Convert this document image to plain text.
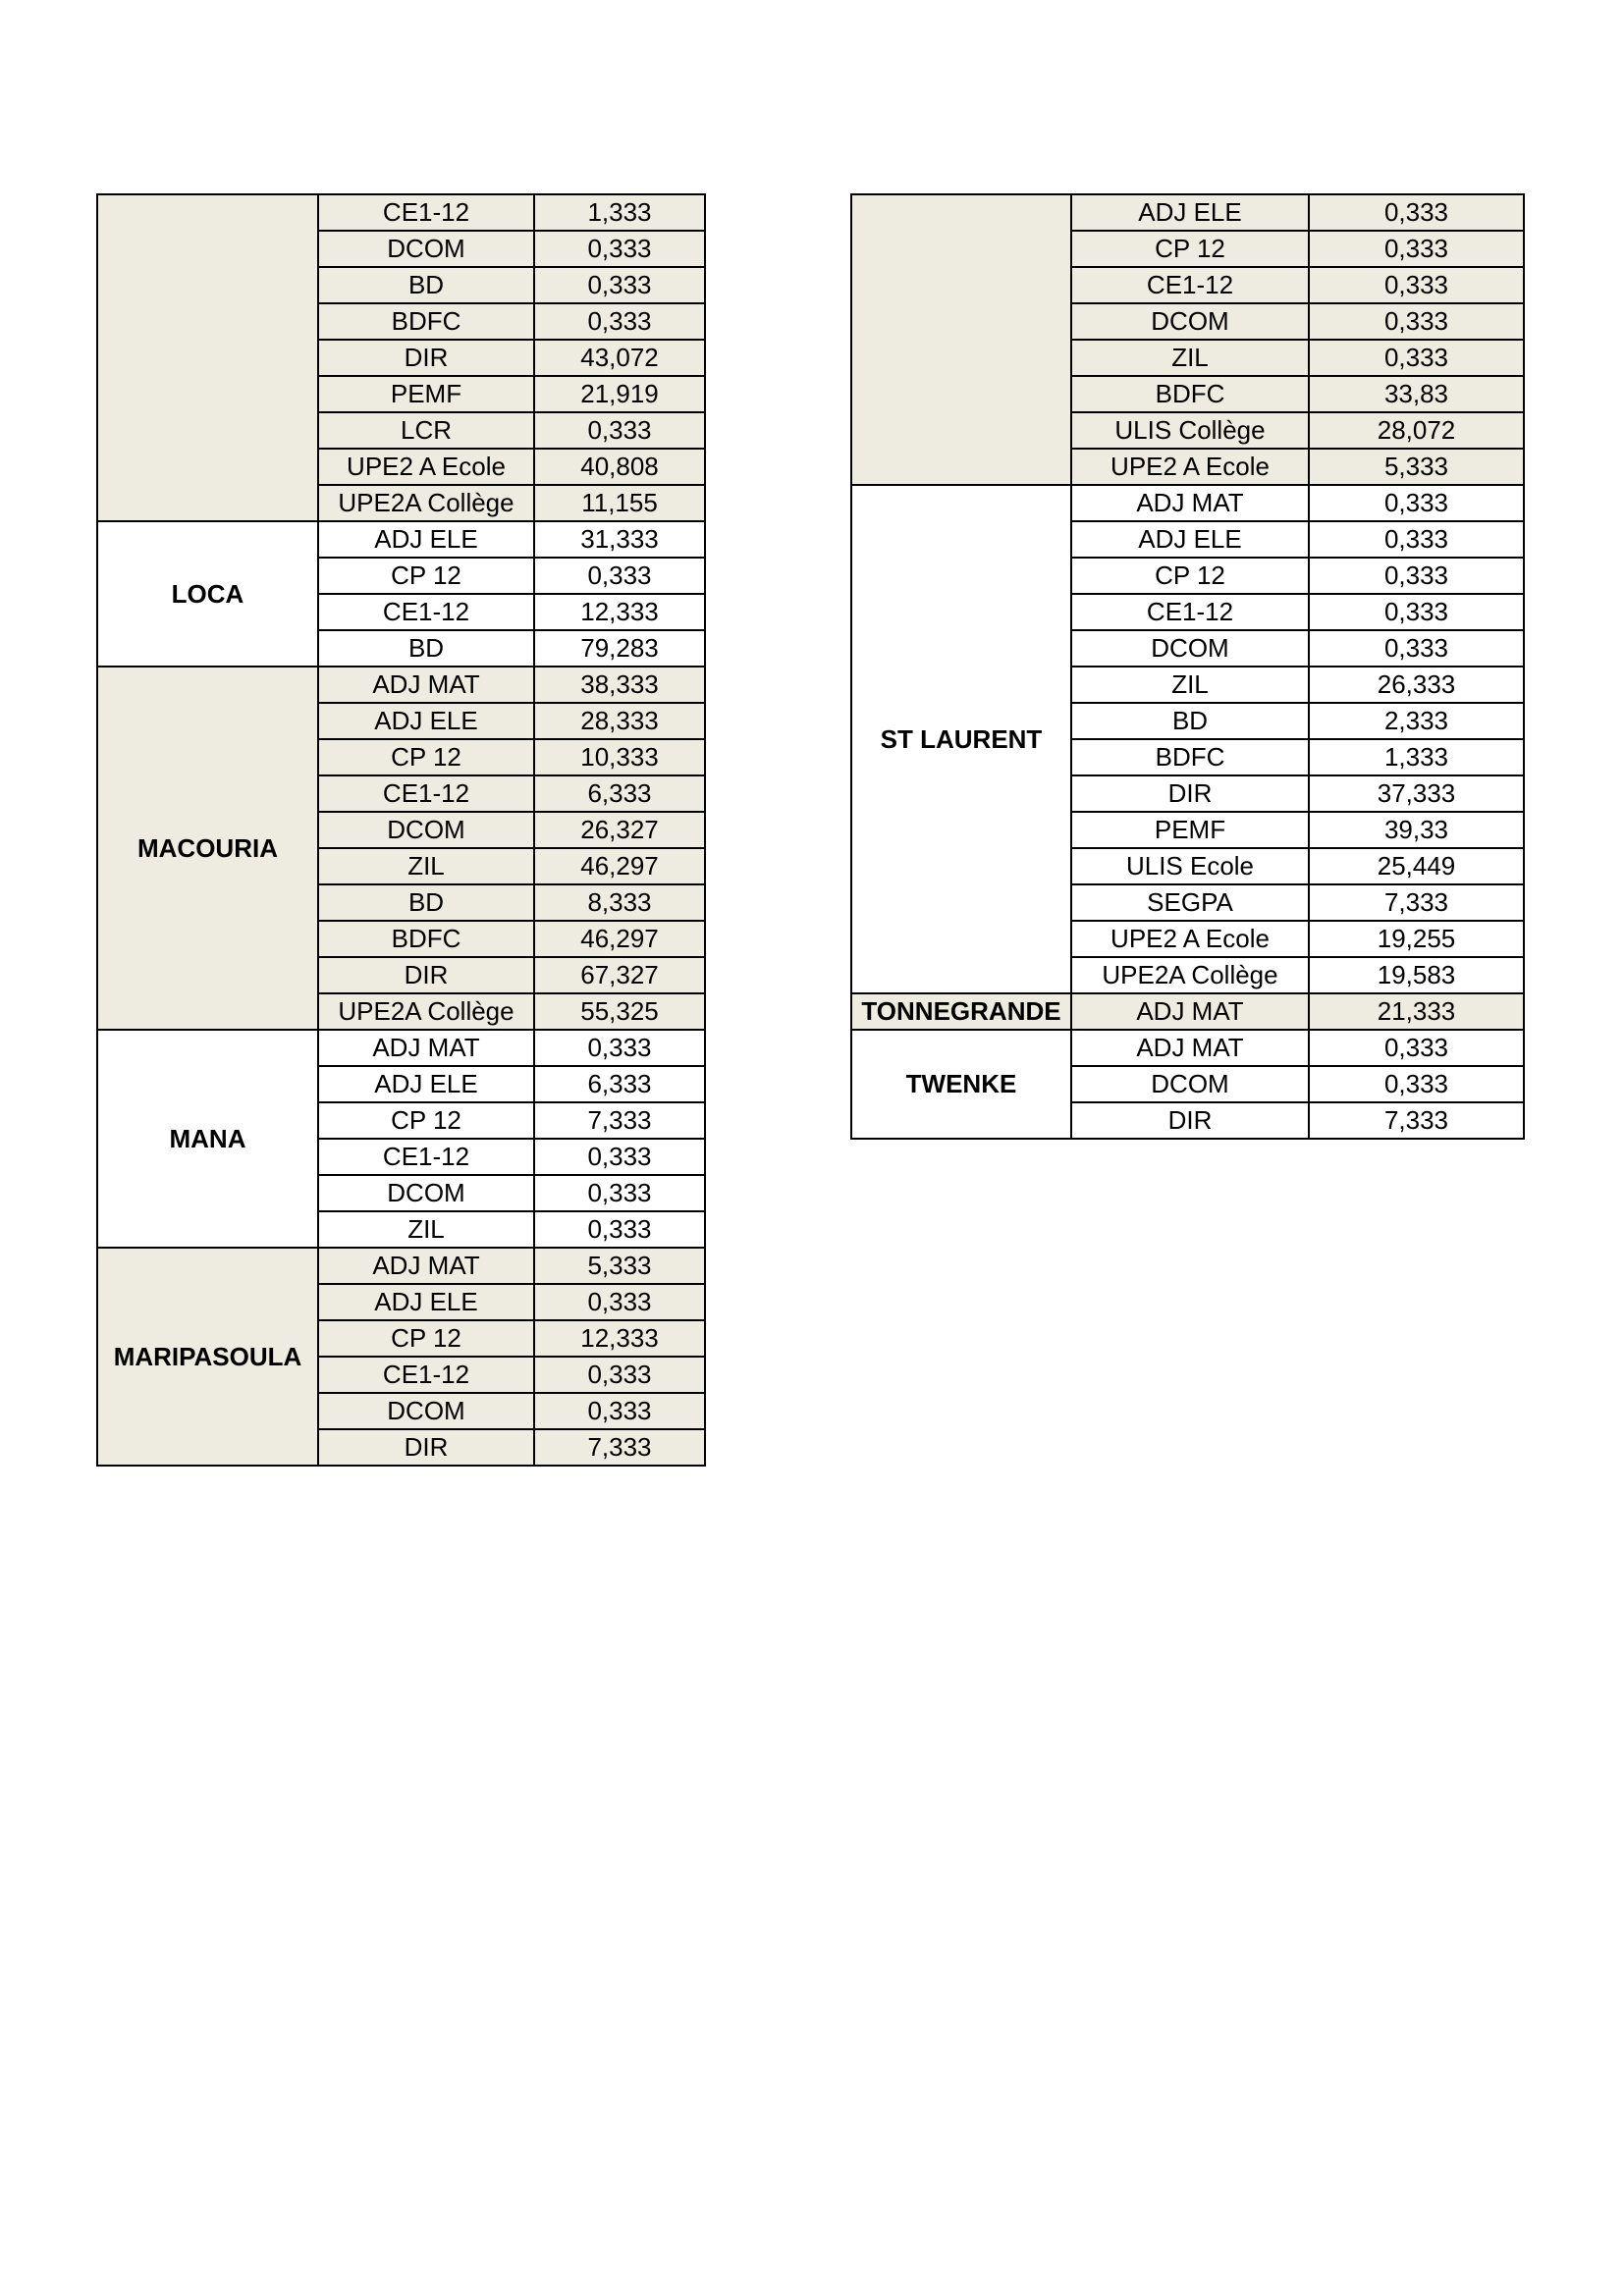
	CE1-12	1,333
	DCOM	0,333
	BD	0,333
	BDFC	0,333
	DIR	43,072
	PEMF	21,919
	LCR	0,333
	UPE2 A Ecole	40,808
	UPE2A Collège	11,155
LOCA	ADJ ELE	31,333
	CP 12	0,333
	CE1-12	12,333
	BD	79,283
MACOURIA	ADJ MAT	38,333
	ADJ ELE	28,333
	CP 12	10,333
	CE1-12	6,333
	DCOM	26,327
	ZIL	46,297
	BD	8,333
	BDFC	46,297
	DIR	67,327
	UPE2A Collège	55,325
MANA	ADJ MAT	0,333
	ADJ ELE	6,333
	CP 12	7,333
	CE1-12	0,333
	DCOM	0,333
	ZIL	0,333
MARIPASOULA	ADJ MAT	5,333
	ADJ ELE	0,333
	CP 12	12,333
	CE1-12	0,333
	DCOM	0,333
	DIR	7,333
	ADJ ELE	0,333
	CP 12	0,333
	CE1-12	0,333
	DCOM	0,333
	ZIL	0,333
	BDFC	33,83
	ULIS Collège	28,072
	UPE2 A Ecole	5,333
ST LAURENT	ADJ MAT	0,333
	ADJ ELE	0,333
	CP 12	0,333
	CE1-12	0,333
	DCOM	0,333
	ZIL	26,333
	BD	2,333
	BDFC	1,333
	DIR	37,333
	PEMF	39,33
	ULIS Ecole	25,449
	SEGPA	7,333
	UPE2 A Ecole	19,255
	UPE2A Collège	19,583
TONNEGRANDE	ADJ MAT	21,333
TWENKE	ADJ MAT	0,333
	DCOM	0,333
	DIR	7,333
